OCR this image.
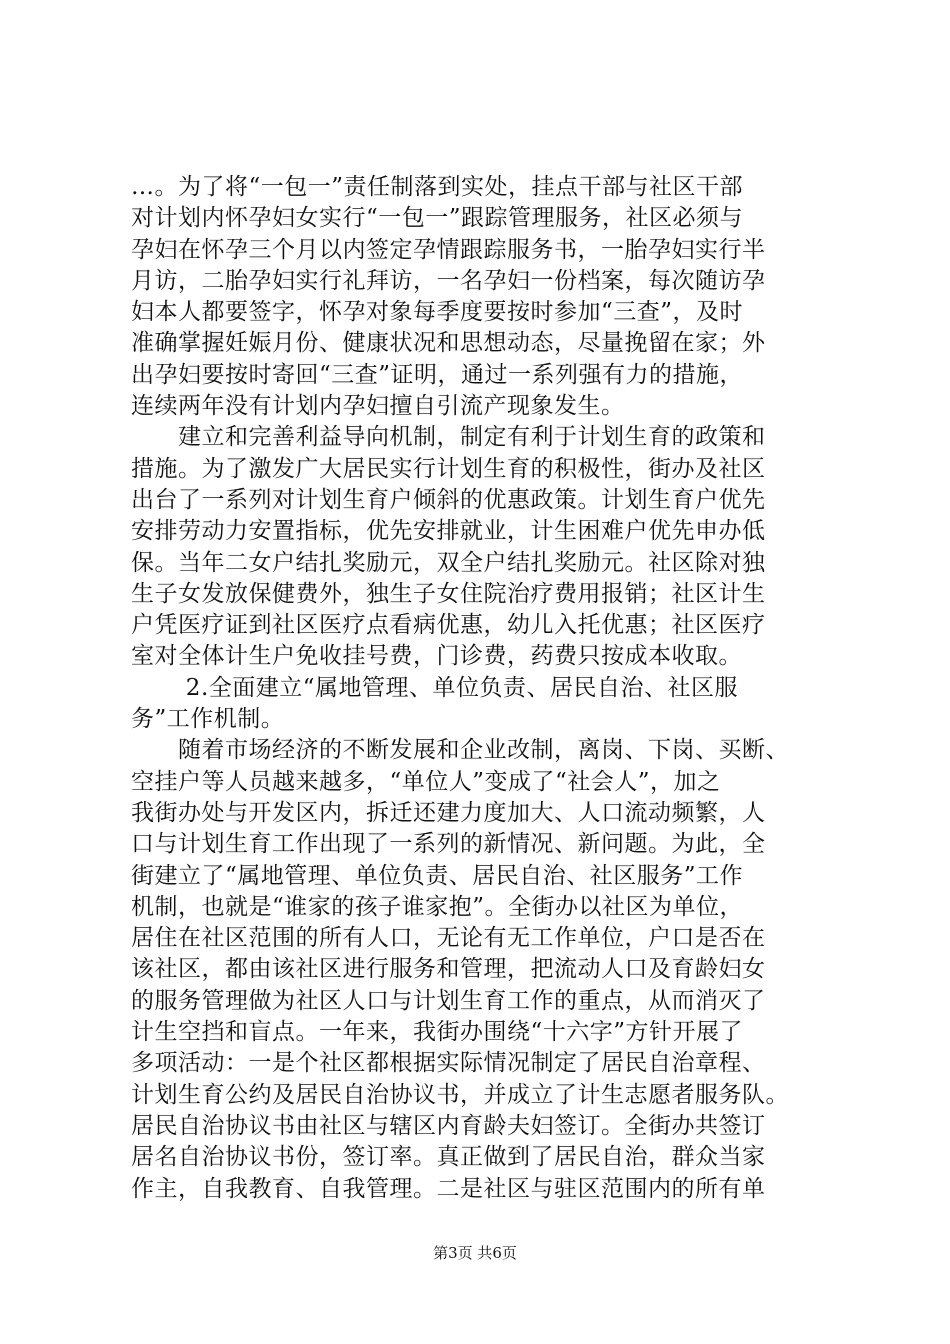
…。为了将“一包一”责任制落到实处，挂点干部与社区干部
对计划内怀孕妇女实行“一包一”跟踪管理服务，社区必须与
孕妇在怀孕三个月以内签定孕情跟踪服务书，一胎孕妇实行半
月访，二胎孕妇实行礼拜访，一名孕妇一份档案，每次随访孕
妇本人都要签字，怀孕对象每季度要按时参加“三查”，及时
准确掌握妊娠月份、健康状况和思想动态，尽量挽留在家；外
出孕妇要按时寄回“三查”证明，通过一系列强有力的措施，
连续两年没有计划内孕妇擅自引流产现象发生。
　　建立和完善利益导向机制，制定有利于计划生育的政策和
措施。为了激发广大居民实行计划生育的积极性，街办及社区
出台了一系列对计划生育户倾斜的优惠政策。计划生育户优先
安排劳动力安置指标，优先安排就业，计生困难户优先申办低
保。当年二女户结扎奖励元，双全户结扎奖励元。社区除对独
生子女发放保健费外，独生子女住院治疗费用报销；社区计生
户凭医疗证到社区医疗点看病优惠，幼儿入托优惠；社区医疗
室对全体计生户免收挂号费，门诊费，药费只按成本收取。
　　 2.全面建立“属地管理、单位负责、居民自治、社区服
务”工作机制。
　　随着市场经济的不断发展和企业改制，离岗、下岗、买断、
空挂户等人员越来越多，“单位人”变成了“社会人”，加之
我街办处与开发区内，拆迁还建力度加大、人口流动频繁，人
口与计划生育工作出现了一系列的新情况、新问题。为此，全
街建立了“属地管理、单位负责、居民自治、社区服务”工作
机制，也就是“谁家的孩子谁家抱”。全街办以社区为单位，
居住在社区范围的所有人口，无论有无工作单位，户口是否在
该社区，都由该社区进行服务和管理，把流动人口及育龄妇女
的服务管理做为社区人口与计划生育工作的重点，从而消灭了
计生空挡和盲点。一年来，我街办围绕“十六字”方针开展了
多项活动：一是个社区都根据实际情况制定了居民自治章程、
计划生育公约及居民自治协议书，并成立了计生志愿者服务队。
居民自治协议书由社区与辖区内育龄夫妇签订。全街办共签订
居名自治协议书份，签订率。真正做到了居民自治，群众当家
作主，自我教育、自我管理。二是社区与驻区范围内的所有单
第3页 共6页
